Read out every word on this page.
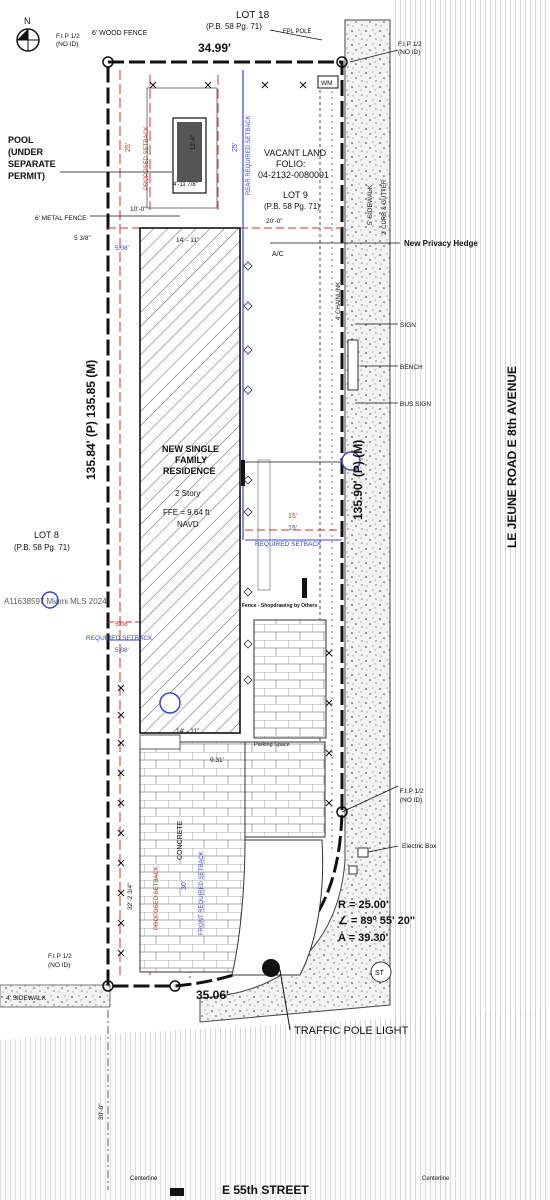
ST
N	LOT 18
(P.B. 58 Pg. 71)
6' WOOD FENCE
34.99'
FPL POLE
F.I.P 1/2
(NO ID)	F.I.P 1/2
(NO ID)
WM
POOL
(UNDER
SEPARATE
PERMIT)
12'-6"
4'-11 7/8"
VACANT LAND
FOLIO:
04-2132-0080091
LOT 9
(P.B. 58 Pg. 71)
6' METAL FENCE
New Privacy Hedge
A/C
4' CHAINLINK
SIGN
BENCH
BUS SIGN
5' SIDEWALK 2' CURB & GUTTER
Electric Box
F.I.P 1/2
(NO ID)
F.I.P 1/2
(NO ID)
4' SIDEWALK
CONCRETE
Parking Space
Fence - Shopdrawing by Others
TRAFFIC POLE LIGHT
E 55th STREET
LE JEUNE ROAD E 8th AVENUE
Centerline	Centerline
A11638597 Miami MLS 2024
NEW SINGLE
FAMILY
RESIDENCE
2 Story
FFE = 9.64 ft
NAVD
135.84' (P) 135.85 (M)	135.90' (P) (M)
35.06'
LOT 8
(P.B. 58 Pg. 71)
10'-0"
20'-0"
14' - 11"
14' - 11"
5.08'
5.08'
5.08'
5 3/8"
15'
15'
9.31'
25'	25'
30'
32'-2 3/4"
30'-0"
REQUIRED SETBACK
REQUIRED SETBACK
PROPOSED SETBACK
PROPOSED SETBACK
REAR REQUIRED SETBACK
FRONT REQUIRED SETBACK	R = 25.00'
∠ = 89º 55' 20"
A = 39.30'
